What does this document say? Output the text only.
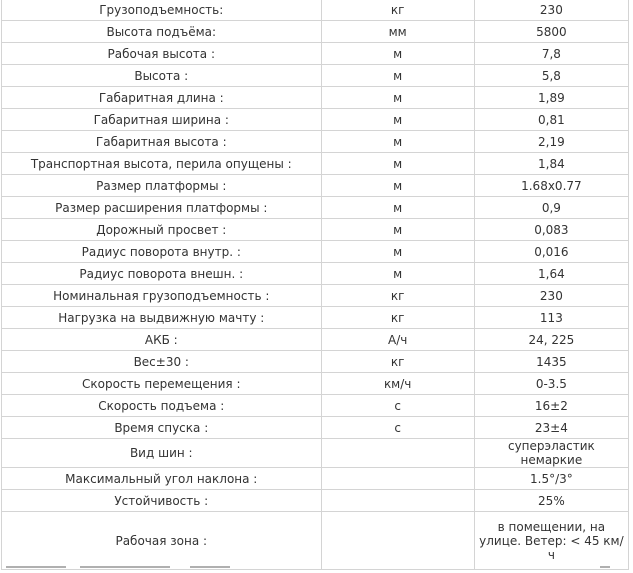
Грузоподъемность:	кг	230
Высота подъёма:	мм	5800
Рабочая высота :	м	7,8
Высота :	м	5,8
Габаритная длина :	м	1,89
Габаритная ширина :	м	0,81
Габаритная высота :	м	2,19
Транспортная высота, перила опущены :	м	1,84
Размер платформы :	м	1.68x0.77
Размер расширения платформы :	м	0,9
Дорожный просвет :	м	0,083
Радиус поворота внутр. :	м	0,016
Радиус поворота внешн. :	м	1,64
Номинальная грузоподъемность :	кг	230
Нагрузка на выдвижную мачту :	кг	113
АКБ :	А/ч	24, 225
Вес±30 :	кг	1435
Скорость перемещения :	км/ч	0-3.5
Скорость подъема :	с	16±2
Время спуска :	с	23±4
Вид шин :		суперэластик немаркие
Максимальный угол наклона :		1.5°/3°
Устойчивость :		25%
Рабочая зона :		в помещении, на улице. Ветер: < 45 км/ч
